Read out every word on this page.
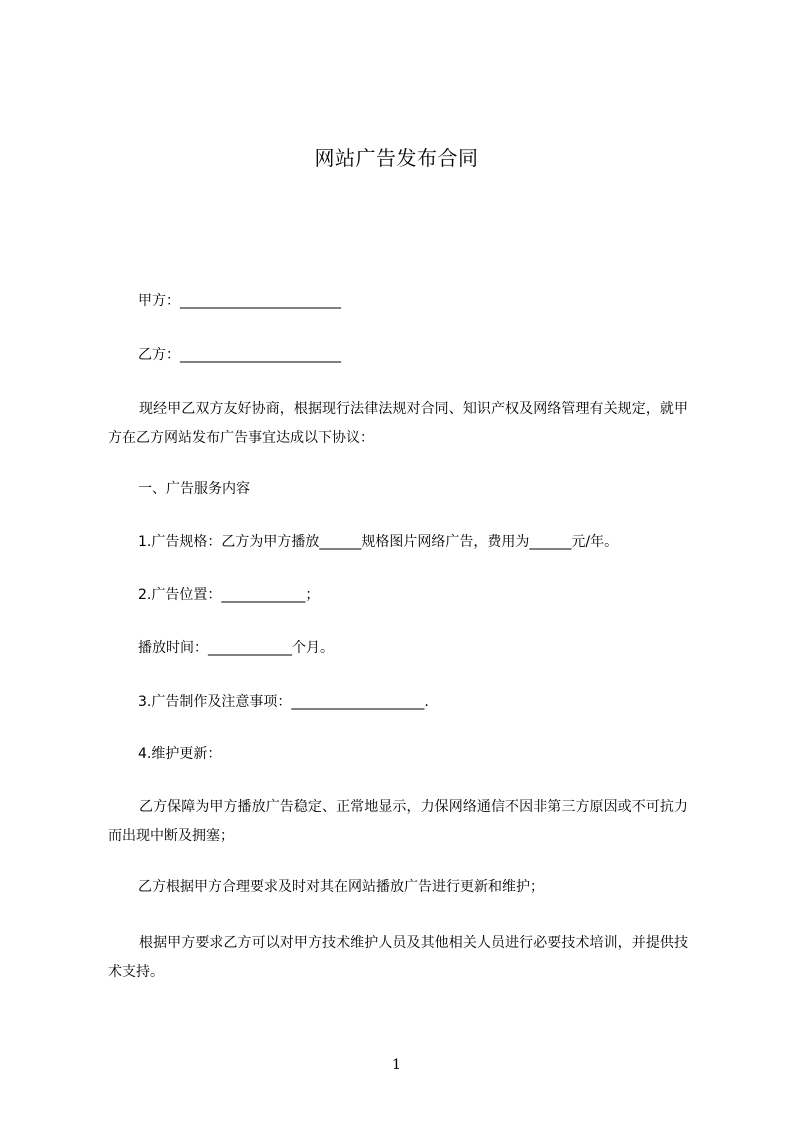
网站广告发布合同
甲方：_______________________
乙方：_______________________
现经甲乙双方友好协商，根据现行法律法规对合同、知识产权及网络管理有关规定，就甲方在乙方网站发布广告事宜达成以下协议：
一、广告服务内容
1.广告规格：乙方为甲方播放______规格图片网络广告，费用为______元/年。
2.广告位置：____________；
播放时间：____________个月。
3.广告制作及注意事项：___________________.
4.维护更新：
乙方保障为甲方播放广告稳定、正常地显示，力保网络通信不因非第三方原因或不可抗力而出现中断及拥塞；
乙方根据甲方合理要求及时对其在网站播放广告进行更新和维护；
根据甲方要求乙方可以对甲方技术维护人员及其他相关人员进行必要技术培训，并提供技术支持。
1
